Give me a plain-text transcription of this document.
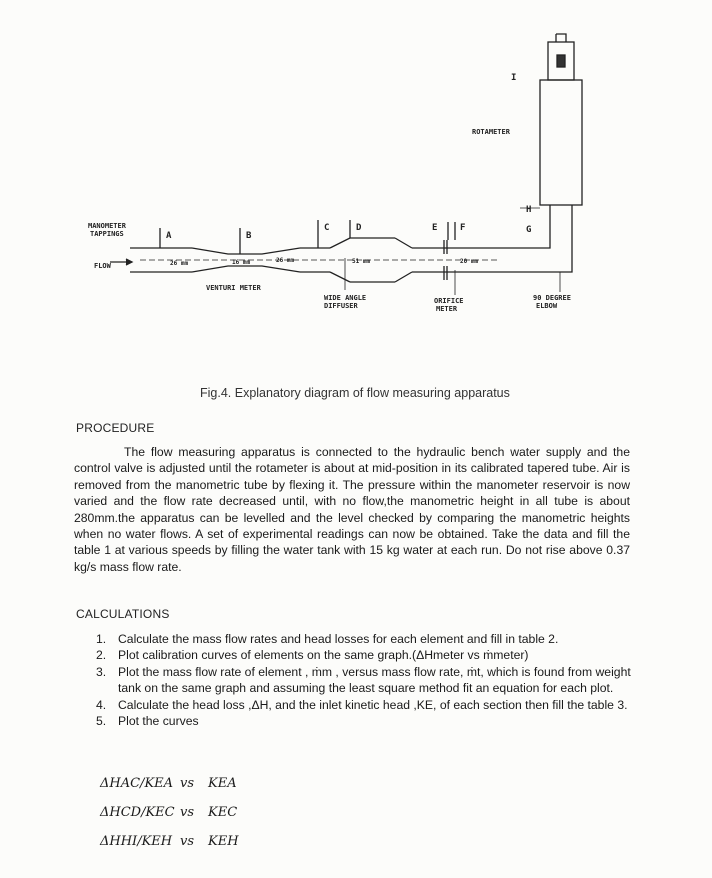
ROTAMETER
MANOMETER
TAPPINGS
FLOW
VENTURI METER
WIDE ANGLE
DIFFUSER
ORIFICE
METER
90 DEGREE
ELBOW
A	B
C	D	E	F	G
H
I
26 mm	16 mm	26 mm	51 mm	20 mm
Fig.4. Explanatory diagram of flow measuring apparatus
PROCEDURE

The flow measuring apparatus is connected to the hydraulic bench water supply and the control valve is adjusted until the rotameter is about at mid-position in its calibrated tapered tube. Air is removed from the manometric tube by flexing it. The pressure within the manometer reservoir is now varied and the flow rate decreased until, with no flow,the manometric height in all tube is about 280mm.the apparatus can be levelled and the level checked by comparing the manometric heights when no water flows. A set of experimental readings can now be obtained. Take the data and fill the table 1 at various speeds by filling the water tank with 15 kg water at each run. Do not rise above 0.37 kg/s mass flow rate.

CALCULATIONS
1. Calculate the mass flow rates and head losses for each element and fill in table 2.
2. Plot calibration curves of elements on the same graph.(ΔHmeter vs ṁmeter)
3. Plot the mass flow rate of element , ṁm , versus mass flow rate, ṁt, which is found from weight tank on the same graph and assuming the least square method fit an equation for each plot.
4. Calculate the head loss ,ΔH, and the inlet kinetic head ,KE, of each section then fill the table 3.
5. Plot the curves
ΔHAC/KEA vs KEA
ΔHCD/KEC vs KEC
ΔHHI/KEH vs KEH
